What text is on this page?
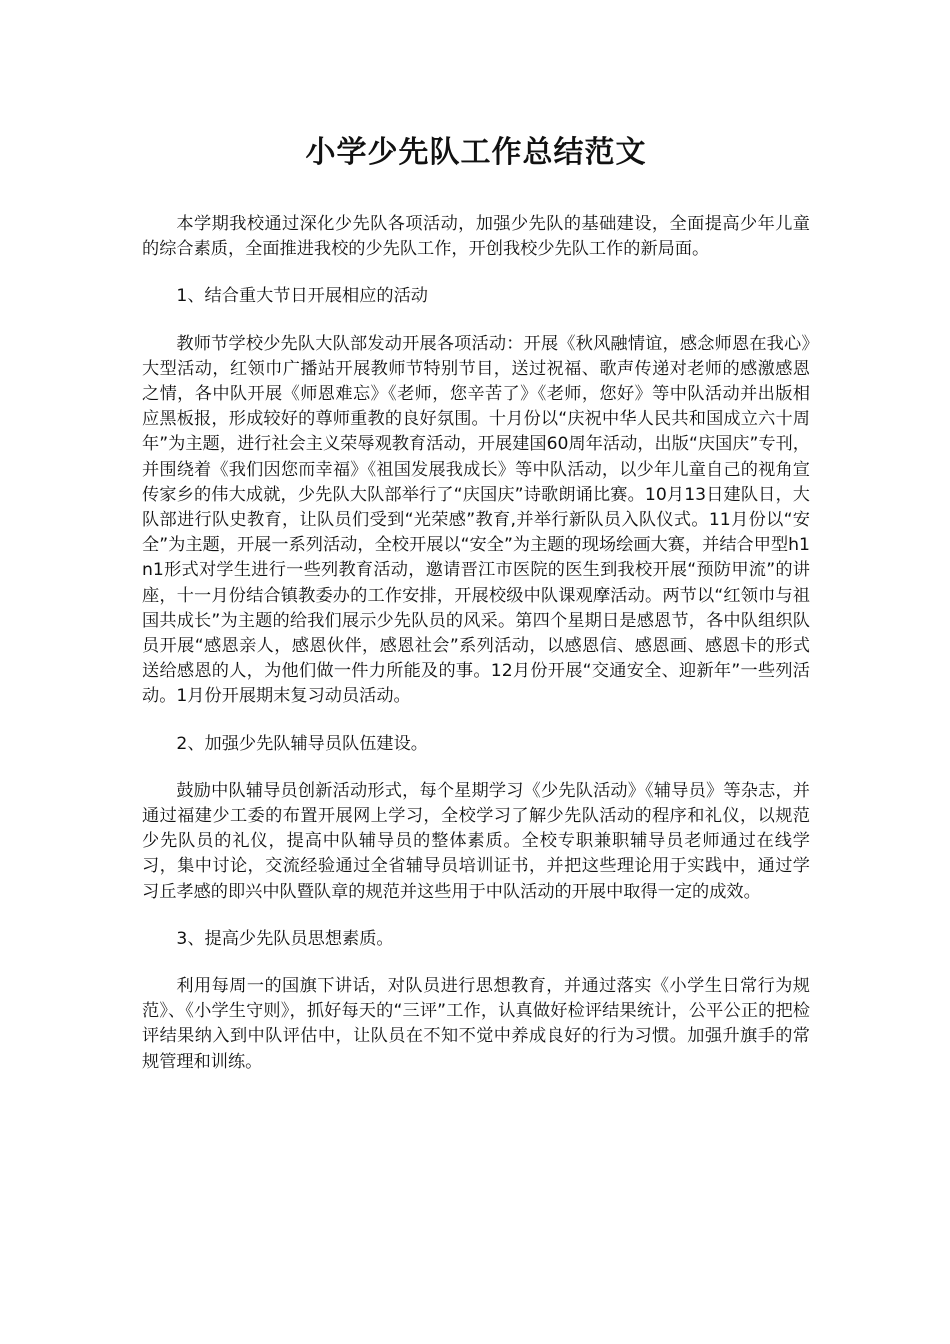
小学少先队工作总结范文

本学期我校通过深化少先队各项活动，加强少先队的基础建设，全面提高少年儿童的综合素质，全面推进我校的少先队工作，开创我校少先队工作的新局面。

1、结合重大节日开展相应的活动

教师节学校少先队大队部发动开展各项活动：开展《秋风融情谊，感念师恩在我心》大型活动，红领巾广播站开展教师节特别节目，送过祝福、歌声传递对老师的感激感恩之情，各中队开展《师恩难忘》《老师，您辛苦了》《老师，您好》等中队活动并出版相应黑板报，形成较好的尊师重教的良好氛围。十月份以“庆祝中华人民共和国成立六十周年”为主题，进行社会主义荣辱观教育活动，开展建国60周年活动，出版“庆国庆”专刊，并围绕着《我们因您而幸福》《祖国发展我成长》等中队活动，以少年儿童自己的视角宣传家乡的伟大成就，少先队大队部举行了“庆国庆”诗歌朗诵比赛。10月13日建队日，大队部进行队史教育，让队员们受到“光荣感”教育,并举行新队员入队仪式。11月份以“安全”为主题，开展一系列活动，全校开展以“安全”为主题的现场绘画大赛，并结合甲型h1n1形式对学生进行一些列教育活动，邀请晋江市医院的医生到我校开展“预防甲流”的讲座，十一月份结合镇教委办的工作安排，开展校级中队课观摩活动。两节以“红领巾与祖国共成长”为主题的给我们展示少先队员的风采。第四个星期日是感恩节，各中队组织队员开展“感恩亲人，感恩伙伴，感恩社会”系列活动，以感恩信、感恩画、感恩卡的形式送给感恩的人，为他们做一件力所能及的事。12月份开展“交通安全、迎新年”一些列活动。1月份开展期末复习动员活动。

2、加强少先队辅导员队伍建设。

鼓励中队辅导员创新活动形式，每个星期学习《少先队活动》《辅导员》等杂志，并通过福建少工委的布置开展网上学习，全校学习了解少先队活动的程序和礼仪，以规范少先队员的礼仪，提高中队辅导员的整体素质。全校专职兼职辅导员老师通过在线学习，集中讨论，交流经验通过全省辅导员培训证书，并把这些理论用于实践中，通过学习丘孝感的即兴中队暨队章的规范并这些用于中队活动的开展中取得一定的成效。

3、提高少先队员思想素质。

利用每周一的国旗下讲话，对队员进行思想教育，并通过落实《小学生日常行为规范》、《小学生守则》，抓好每天的“三评”工作，认真做好检评结果统计，公平公正的把检评结果纳入到中队评估中，让队员在不知不觉中养成良好的行为习惯。加强升旗手的常规管理和训练。
